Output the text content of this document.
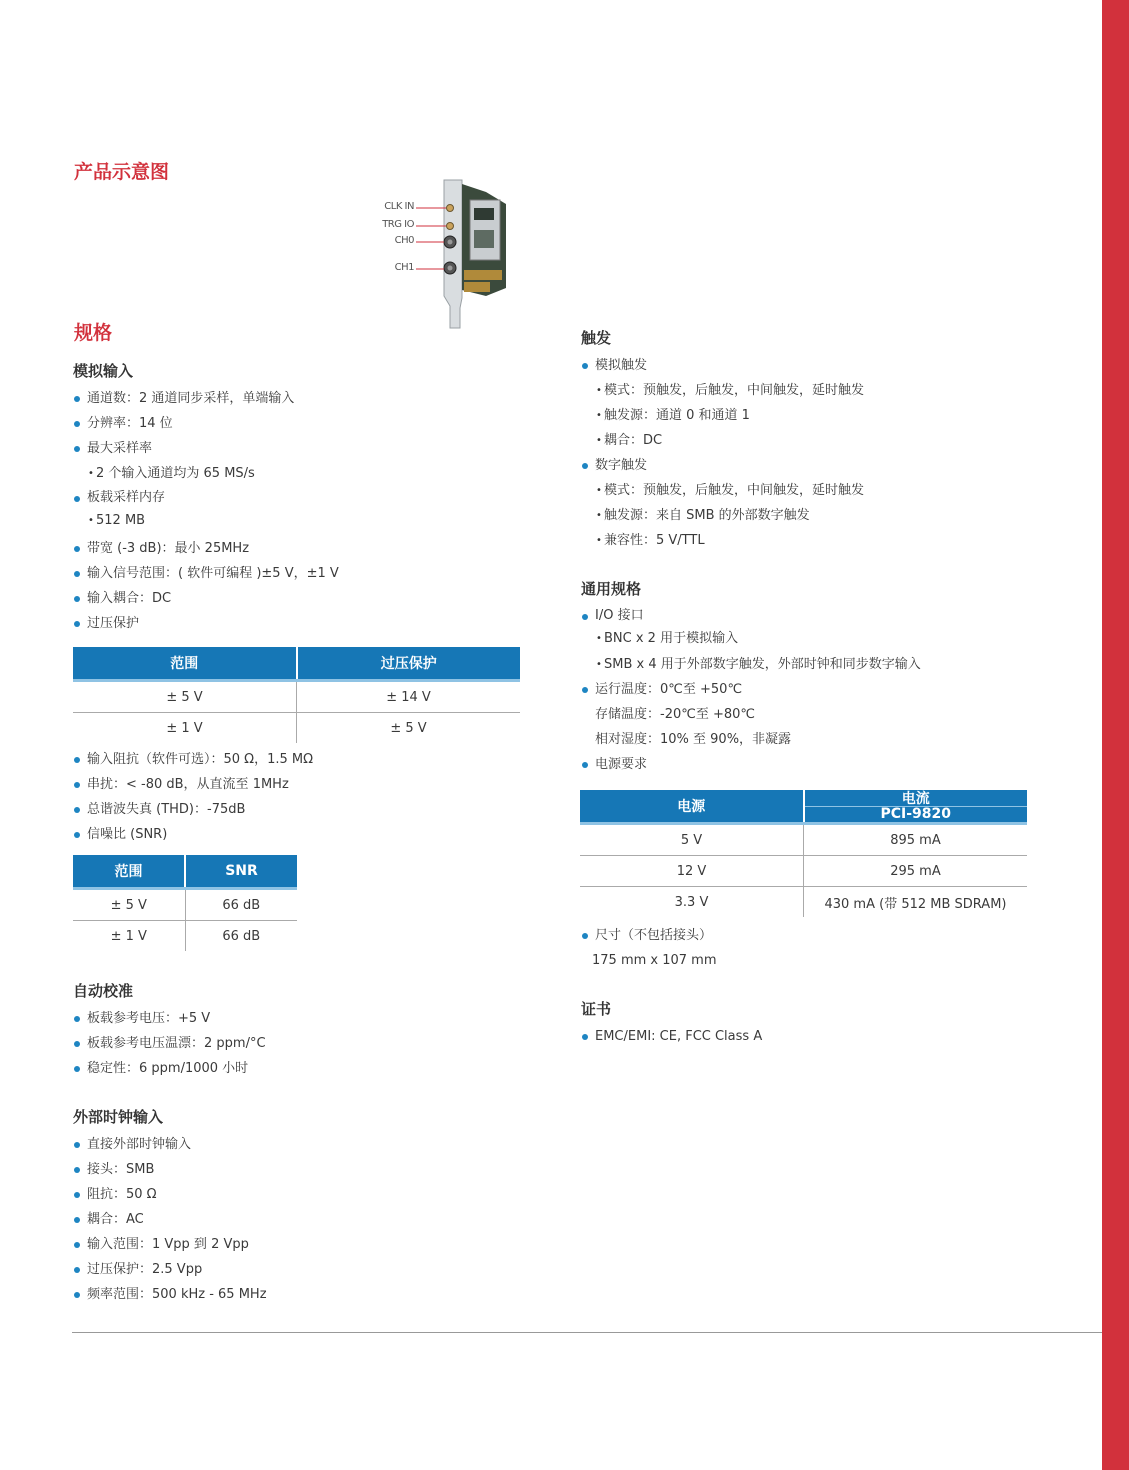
产品示意图
CLK IN
TRG IO
CH0
CH1
规格
模拟输入
通道数：2 通道同步采样，单端输入
分辨率：14 位
最大采样率
• 2 个输入通道均为 65 MS/s
板载采样内存
• 512 MB
带宽 (-3 dB)：最小 25MHz
输入信号范围：( 软件可编程 )±5 V，±1 V
输入耦合：DC
过压保护
范围	过压保护
± 5 V	± 14 V
± 1 V	± 5 V
输入阻抗（软件可选）：50 Ω，1.5 MΩ
串扰：< -80 dB，从直流至 1MHz
总谐波失真 (THD)：-75dB
信噪比 (SNR)
范围	SNR
± 5 V	66 dB
± 1 V	66 dB
自动校准
板载参考电压：+5 V
板载参考电压温漂：2 ppm/°C
稳定性：6 ppm/1000 小时
外部时钟输入
直接外部时钟输入
接头：SMB
阻抗：50 Ω
耦合：AC
输入范围：1 Vpp 到 2 Vpp
过压保护：2.5 Vpp
频率范围：500 kHz - 65 MHz
触发
模拟触发
• 模式：预触发，后触发，中间触发，延时触发
• 触发源：通道 0 和通道 1
• 耦合：DC
数字触发
• 模式：预触发，后触发，中间触发，延时触发
• 触发源：来自 SMB 的外部数字触发
• 兼容性：5 V/TTL
通用规格
I/O 接口
• BNC x 2 用于模拟输入
• SMB x 4 用于外部数字触发，外部时钟和同步数字输入
运行温度：0℃至 +50℃
存储温度：-20℃至 +80℃
相对湿度：10% 至 90%，非凝露
电源要求
电源	电流
PCI-9820

5 V	895 mA
12 V	295 mA
3.3 V	430 mA (带 512 MB SDRAM)
尺寸（不包括接头）
175 mm x 107 mm
证书
EMC/EMI: CE, FCC Class A
